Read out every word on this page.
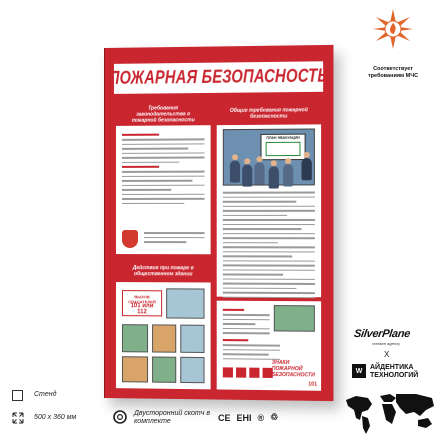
ПОЖАРНАЯ БЕЗОПАСНОСТЬ
Требования законодательства о пожарной безопасности
Общие требования пожарной безопасности
ПЛАН ЭВАКУАЦИИ
Действия при пожаре в общественном здании
ВЫЗОВ СПАСАТЕЛЕЙ
101 или 112
ЗНАКИ ПОЖАРНОЙ БЕЗОПАСНОСТИ
101
Соответствует требованиям МЧС
SilverPlane
creative agency
X
W	АЙДЕНТИКА
ТЕХНОЛОГИЙ
Стенд
500 x 360 мм
Двусторонний скотч в комплекте	CE EHI ® ♲
